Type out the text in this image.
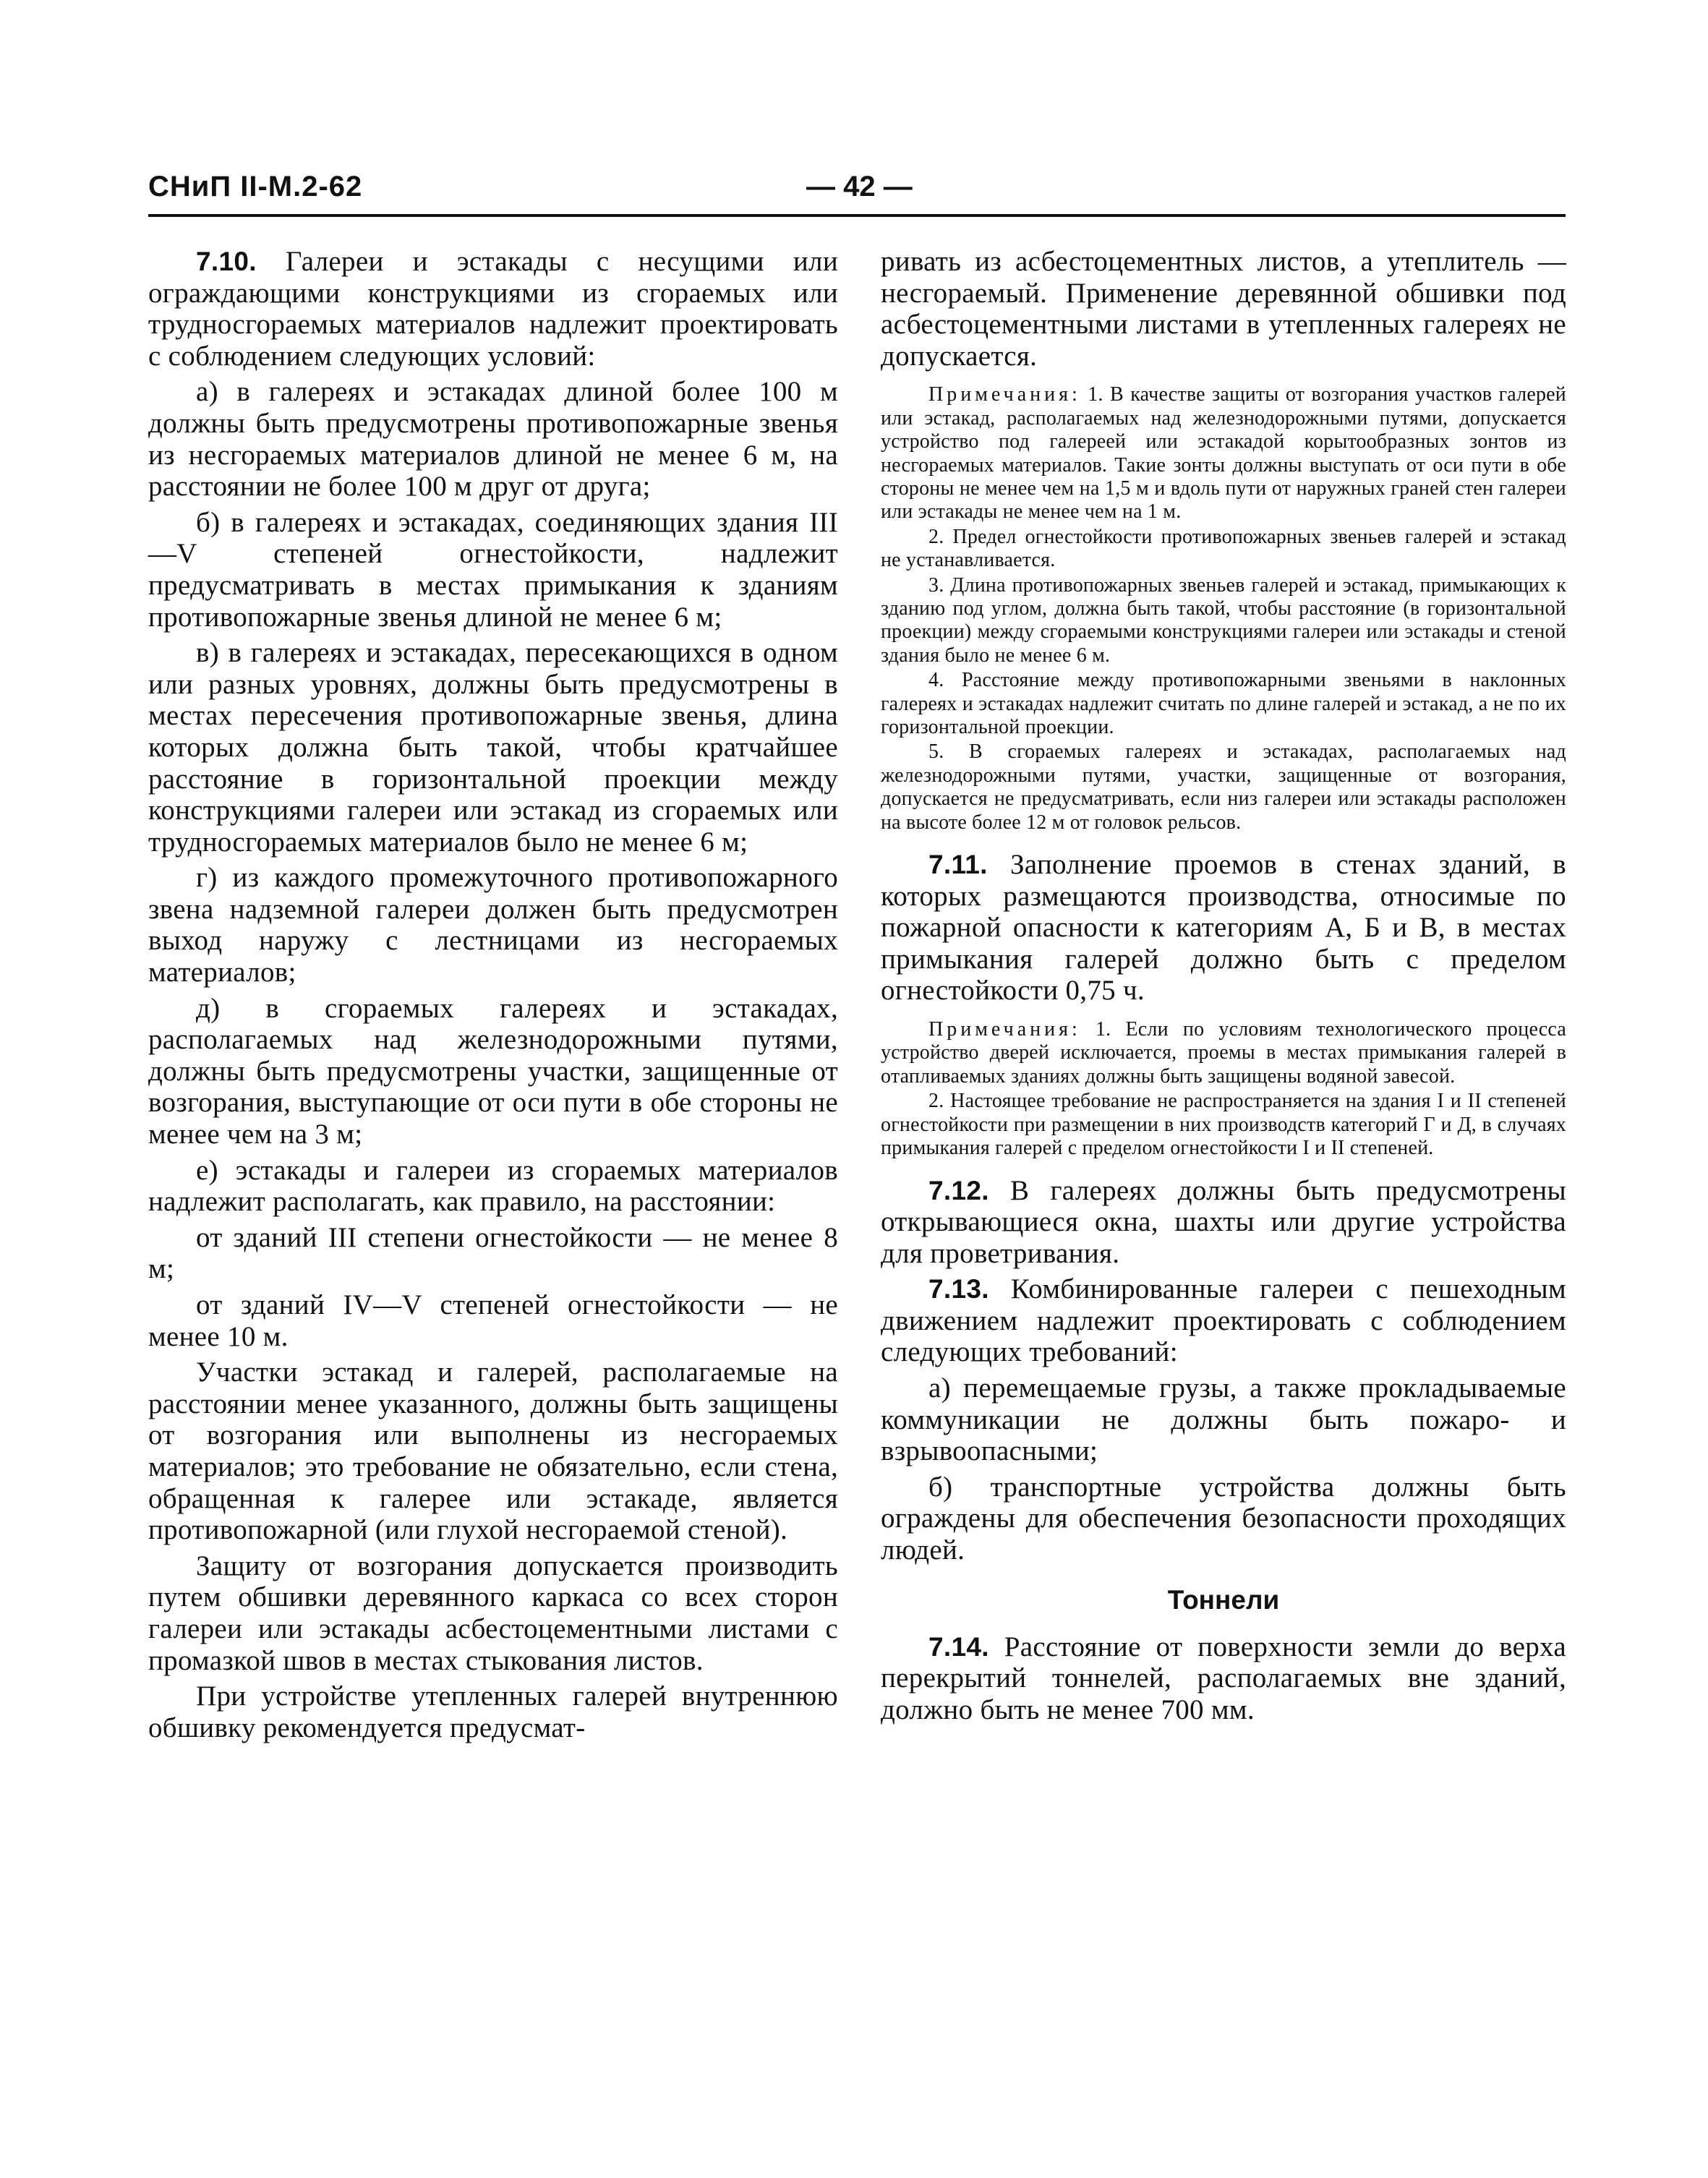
СНиП II-М.2-62	— 42 —

7.10. Галереи и эстакады с несущими или ограждающими конструкциями из сгораемых или трудносгораемых материалов надлежит проектировать с соблюдением следующих условий:

а) в галереях и эстакадах длиной более 100 м должны быть предусмотрены противопожарные звенья из несгораемых материалов длиной не менее 6 м, на расстоянии не более 100 м друг от друга;

б) в галереях и эстакадах, соединяющих здания III—V степеней огнестойкости, надлежит предусматривать в местах примыкания к зданиям противопожарные звенья длиной не менее 6 м;

в) в галереях и эстакадах, пересекающихся в одном или разных уровнях, должны быть предусмотрены в местах пересечения противопожарные звенья, длина которых должна быть такой, чтобы кратчайшее расстояние в горизонтальной проекции между конструкциями галереи или эстакад из сгораемых или трудносгораемых материалов было не менее 6 м;

г) из каждого промежуточного противопожарного звена надземной галереи должен быть предусмотрен выход наружу с лестницами из несгораемых материалов;

д) в сгораемых галереях и эстакадах, располагаемых над железнодорожными путями, должны быть предусмотрены участки, защищенные от возгорания, выступающие от оси пути в обе стороны не менее чем на 3 м;

е) эстакады и галереи из сгораемых материалов надлежит располагать, как правило, на расстоянии:

от зданий III степени огнестойкости — не менее 8 м;

от зданий IV—V степеней огнестойкости — не менее 10 м.

Участки эстакад и галерей, располагаемые на расстоянии менее указанного, должны быть защищены от возгорания или выполнены из несгораемых материалов; это требование не обязательно, если стена, обращенная к галерее или эстакаде, является противопожарной (или глухой несгораемой стеной).

Защиту от возгорания допускается производить путем обшивки деревянного каркаса со всех сторон галереи или эстакады асбестоцементными листами с промазкой швов в местах стыкования листов.

При устройстве утепленных галерей внутреннюю обшивку рекомендуется предусмат-

ривать из асбестоцементных листов, а утеплитель — несгораемый. Применение деревянной обшивки под асбестоцементными листами в утепленных галереях не допускается.

Примечания: 1. В качестве защиты от возгорания участков галерей или эстакад, располагаемых над железнодорожными путями, допускается устройство под галереей или эстакадой корытообразных зонтов из несгораемых материалов. Такие зонты должны выступать от оси пути в обе стороны не менее чем на 1,5 м и вдоль пути от наружных граней стен галереи или эстакады не менее чем на 1 м.

2. Предел огнестойкости противопожарных звеньев галерей и эстакад не устанавливается.

3. Длина противопожарных звеньев галерей и эстакад, примыкающих к зданию под углом, должна быть такой, чтобы расстояние (в горизонтальной проекции) между сгораемыми конструкциями галереи или эстакады и стеной здания было не менее 6 м.

4. Расстояние между противопожарными звеньями в наклонных галереях и эстакадах надлежит считать по длине галерей и эстакад, а не по их горизонтальной проекции.

5. В сгораемых галереях и эстакадах, располагаемых над железнодорожными путями, участки, защищенные от возгорания, допускается не предусматривать, если низ галереи или эстакады расположен на высоте более 12 м от головок рельсов.

7.11. Заполнение проемов в стенах зданий, в которых размещаются производства, относимые по пожарной опасности к категориям А, Б и В, в местах примыкания галерей должно быть с пределом огнестойкости 0,75 ч.

Примечания: 1. Если по условиям технологического процесса устройство дверей исключается, проемы в местах примыкания галерей в отапливаемых зданиях должны быть защищены водяной завесой.

2. Настоящее требование не распространяется на здания I и II степеней огнестойкости при размещении в них производств категорий Г и Д, в случаях примыкания галерей с пределом огнестойкости I и II степеней.

7.12. В галереях должны быть предусмотрены открывающиеся окна, шахты или другие устройства для проветривания.

7.13. Комбинированные галереи с пешеходным движением надлежит проектировать с соблюдением следующих требований:

а) перемещаемые грузы, а также прокладываемые коммуникации не должны быть пожаро- и взрывоопасными;

б) транспортные устройства должны быть ограждены для обеспечения безопасности проходящих людей.

Тоннели

7.14. Расстояние от поверхности земли до верха перекрытий тоннелей, располагаемых вне зданий, должно быть не менее 700 мм.
